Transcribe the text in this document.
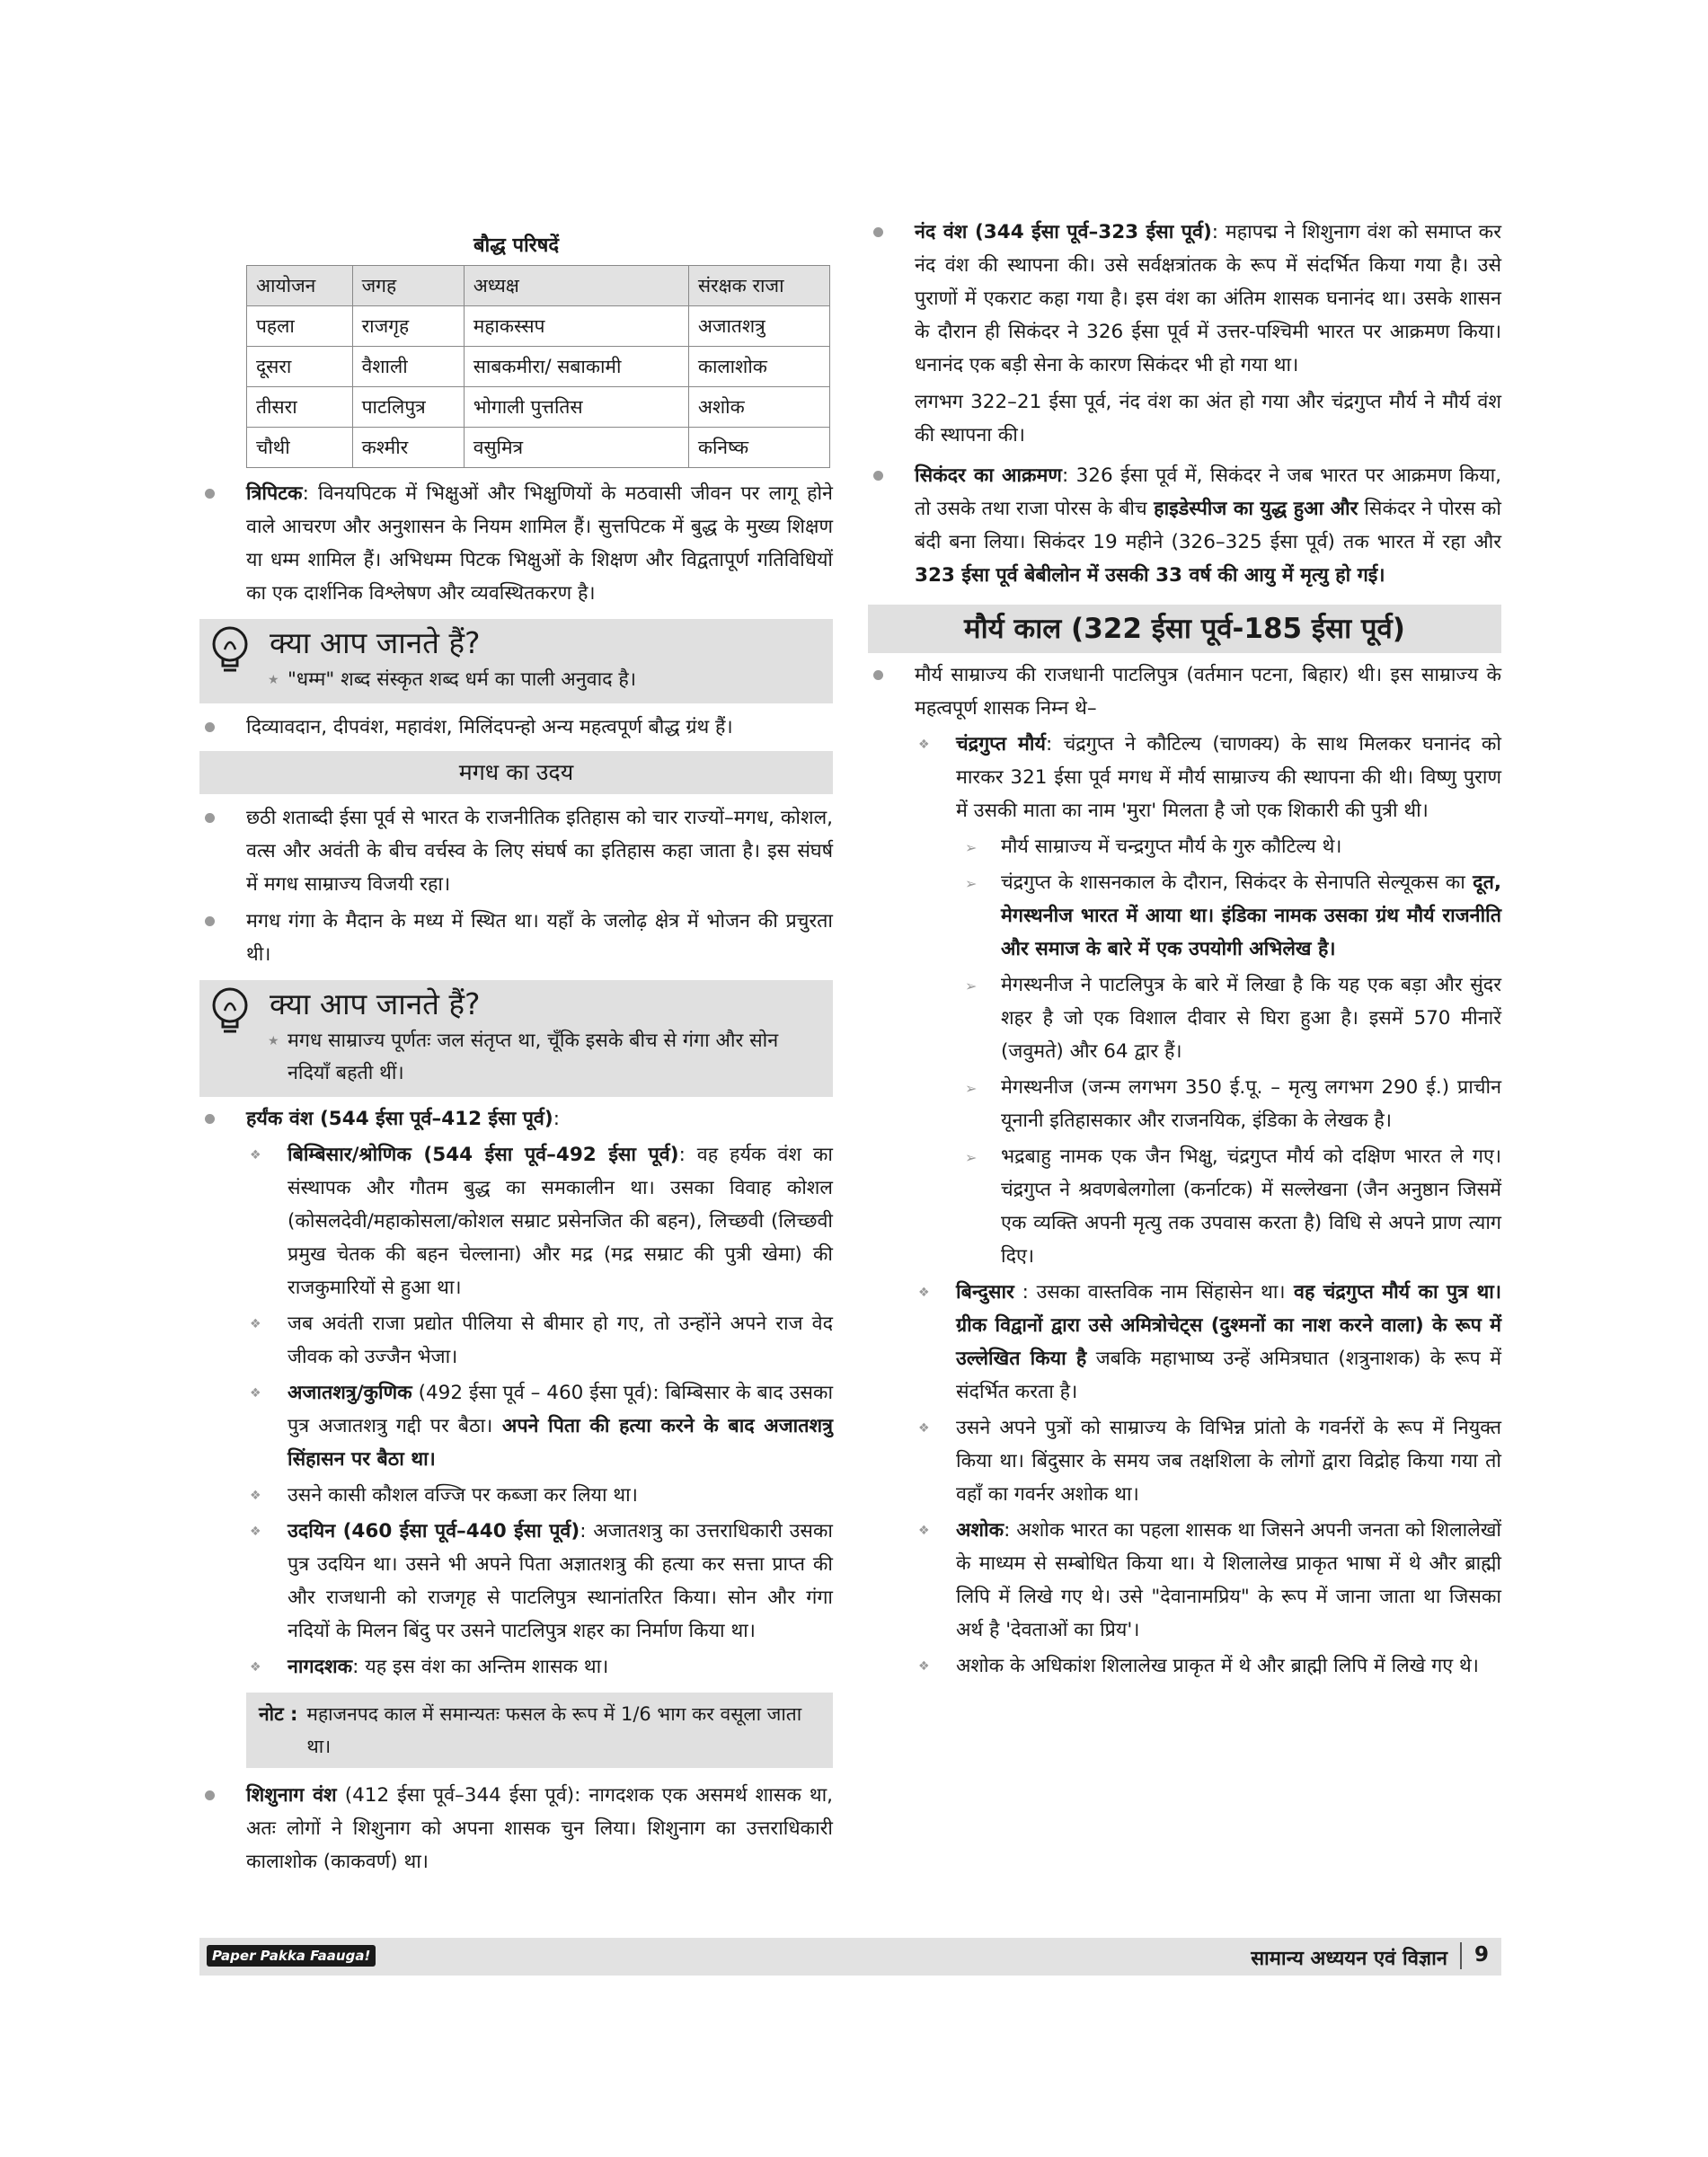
बौद्ध परिषदें
आयोजन	जगह	अध्यक्ष	संरक्षक राजा
पहला	राजगृह	महाकस्सप	अजातशत्रु
दूसरा	वैशाली	साबकमीरा/ सबाकामी	कालाशोक
तीसरा	पाटलिपुत्र	भोगाली पुत्ततिस	अशोक
चौथी	कश्मीर	वसुमित्र	कनिष्क

त्रिपिटक: विनयपिटक में भिक्षुओं और भिक्षुणियों के मठवासी जीवन पर लागू होने वाले आचरण और अनुशासन के नियम शामिल हैं। सुत्तपिटक में बुद्ध के मुख्य शिक्षण या धम्म शामिल हैं। अभिधम्म पिटक भिक्षुओं के शिक्षण और विद्वतापूर्ण गतिविधियों का एक दार्शनिक विश्लेषण और व्यवस्थितकरण है।

क्या आप जानते हैं?

★ "धम्म" शब्द संस्कृत शब्द धर्म का पाली अनुवाद है।

दिव्यावदान, दीपवंश, महावंश, मिलिंदपन्हो अन्य महत्वपूर्ण बौद्ध ग्रंथ हैं।

मगध का उदय

छठी शताब्दी ईसा पूर्व से भारत के राजनीतिक इतिहास को चार राज्यों–मगध, कोशल, वत्स और अवंती के बीच वर्चस्व के लिए संघर्ष का इतिहास कहा जाता है। इस संघर्ष में मगध साम्राज्य विजयी रहा।

मगध गंगा के मैदान के मध्य में स्थित था। यहाँ के जलोढ़ क्षेत्र में भोजन की प्रचुरता थी।

क्या आप जानते हैं?

★ मगध साम्राज्य पूर्णतः जल संतृप्त था, चूँकि इसके बीच से गंगा और सोन नदियाँ बहती थीं।

हर्यंक वंश (544 ईसा पूर्व–412 ईसा पूर्व):

❖ बिम्बिसार/श्रोणिक (544 ईसा पूर्व–492 ईसा पूर्व): वह हर्यक वंश का संस्थापक और गौतम बुद्ध का समकालीन था। उसका विवाह कोशल (कोसलदेवी/महाकोसला/कोशल सम्राट प्रसेनजित की बहन), लिच्छवी (लिच्छवी प्रमुख चेतक की बहन चेल्लाना) और मद्र (मद्र सम्राट की पुत्री खेमा) की राजकुमारियों से हुआ था।

❖ जब अवंती राजा प्रद्योत पीलिया से बीमार हो गए, तो उन्होंने अपने राज वेद जीवक को उज्जैन भेजा।

❖ अजातशत्रु/कुणिक (492 ईसा पूर्व – 460 ईसा पूर्व): बिम्बिसार के बाद उसका पुत्र अजातशत्रु गद्दी पर बैठा। अपने पिता की हत्या करने के बाद अजातशत्रु सिंहासन पर बैठा था।

❖ उसने कासी कौशल वज्जि पर कब्जा कर लिया था।

❖ उदयिन (460 ईसा पूर्व–440 ईसा पूर्व): अजातशत्रु का उत्तराधिकारी उसका पुत्र उदयिन था। उसने भी अपने पिता अज्ञातशत्रु की हत्या कर सत्ता प्राप्त की और राजधानी को राजगृह से पाटलिपुत्र स्थानांतरित किया। सोन और गंगा नदियों के मिलन बिंदु पर उसने पाटलिपुत्र शहर का निर्माण किया था।

❖ नागदशक: यह इस वंश का अन्तिम शासक था।

नोट : महाजनपद काल में समान्यतः फसल के रूप में 1/6 भाग कर वसूला जाता था।

शिशुनाग वंश (412 ईसा पूर्व–344 ईसा पूर्व): नागदशक एक असमर्थ शासक था, अतः लोगों ने शिशुनाग को अपना शासक चुन लिया। शिशुनाग का उत्तराधिकारी कालाशोक (काकवर्ण) था।

नंद वंश (344 ईसा पूर्व–323 ईसा पूर्व): महापद्म ने शिशुनाग वंश को समाप्त कर नंद वंश की स्थापना की। उसे सर्वक्षत्रांतक के रूप में संदर्भित किया गया है। उसे पुराणों में एकराट कहा गया है। इस वंश का अंतिम शासक घनानंद था। उसके शासन के दौरान ही सिकंदर ने 326 ईसा पूर्व में उत्तर-पश्चिमी भारत पर आक्रमण किया। धनानंद एक बड़ी सेना के कारण सिकंदर भी हो गया था।

लगभग 322–21 ईसा पूर्व, नंद वंश का अंत हो गया और चंद्रगुप्त मौर्य ने मौर्य वंश की स्थापना की।

सिकंदर का आक्रमण: 326 ईसा पूर्व में, सिकंदर ने जब भारत पर आक्रमण किया, तो उसके तथा राजा पोरस के बीच हाइडेस्पीज का युद्ध हुआ और सिकंदर ने पोरस को बंदी बना लिया। सिकंदर 19 महीने (326–325 ईसा पूर्व) तक भारत में रहा और 323 ईसा पूर्व बेबीलोन में उसकी 33 वर्ष की आयु में मृत्यु हो गई।

मौर्य काल (322 ईसा पूर्व-185 ईसा पूर्व)

मौर्य साम्राज्य की राजधानी पाटलिपुत्र (वर्तमान पटना, बिहार) थी। इस साम्राज्य के महत्वपूर्ण शासक निम्न थे–

❖ चंद्रगुप्त मौर्य: चंद्रगुप्त ने कौटिल्य (चाणक्य) के साथ मिलकर घनानंद को मारकर 321 ईसा पूर्व मगध में मौर्य साम्राज्य की स्थापना की थी। विष्णु पुराण में उसकी माता का नाम 'मुरा' मिलता है जो एक शिकारी की पुत्री थी।

➢ मौर्य साम्राज्य में चन्द्रगुप्त मौर्य के गुरु कौटिल्य थे।

➢ चंद्रगुप्त के शासनकाल के दौरान, सिकंदर के सेनापति सेल्यूकस का दूत, मेगस्थनीज भारत में आया था। इंडिका नामक उसका ग्रंथ मौर्य राजनीति और समाज के बारे में एक उपयोगी अभिलेख है।

➢ मेगस्थनीज ने पाटलिपुत्र के बारे में लिखा है कि यह एक बड़ा और सुंदर शहर है जो एक विशाल दीवार से घिरा हुआ है। इसमें 570 मीनारें (जवुमते) और 64 द्वार हैं।

➢ मेगस्थनीज (जन्म लगभग 350 ई.पू. – मृत्यु लगभग 290 ई.) प्राचीन यूनानी इतिहासकार और राजनयिक, इंडिका के लेखक है।

➢ भद्रबाहु नामक एक जैन भिक्षु, चंद्रगुप्त मौर्य को दक्षिण भारत ले गए। चंद्रगुप्त ने श्रवणबेलगोला (कर्नाटक) में सल्लेखना (जैन अनुष्ठान जिसमें एक व्यक्ति अपनी मृत्यु तक उपवास करता है) विधि से अपने प्राण त्याग दिए।

❖ बिन्दुसार : उसका वास्तविक नाम सिंहासेन था। वह चंद्रगुप्त मौर्य का पुत्र था। ग्रीक विद्वानों द्वारा उसे अमित्रोचेट्स (दुश्मनों का नाश करने वाला) के रूप में उल्लेखित किया है जबकि महाभाष्य उन्हें अमित्रघात (शत्रुनाशक) के रूप में संदर्भित करता है।

❖ उसने अपने पुत्रों को साम्राज्य के विभिन्न प्रांतो के गवर्नरों के रूप में नियुक्त किया था। बिंदुसार के समय जब तक्षशिला के लोगों द्वारा विद्रोह किया गया तो वहाँ का गवर्नर अशोक था।

❖ अशोक: अशोक भारत का पहला शासक था जिसने अपनी जनता को शिलालेखों के माध्यम से सम्बोधित किया था। ये शिलालेख प्राकृत भाषा में थे और ब्राह्मी लिपि में लिखे गए थे। उसे "देवानामप्रिय" के रूप में जाना जाता था जिसका अर्थ है 'देवताओं का प्रिय'।

❖ अशोक के अधिकांश शिलालेख प्राकृत में थे और ब्राह्मी लिपि में लिखे गए थे।

Paper Pakka Faauga!	सामान्य अध्ययन एवं विज्ञान 9
